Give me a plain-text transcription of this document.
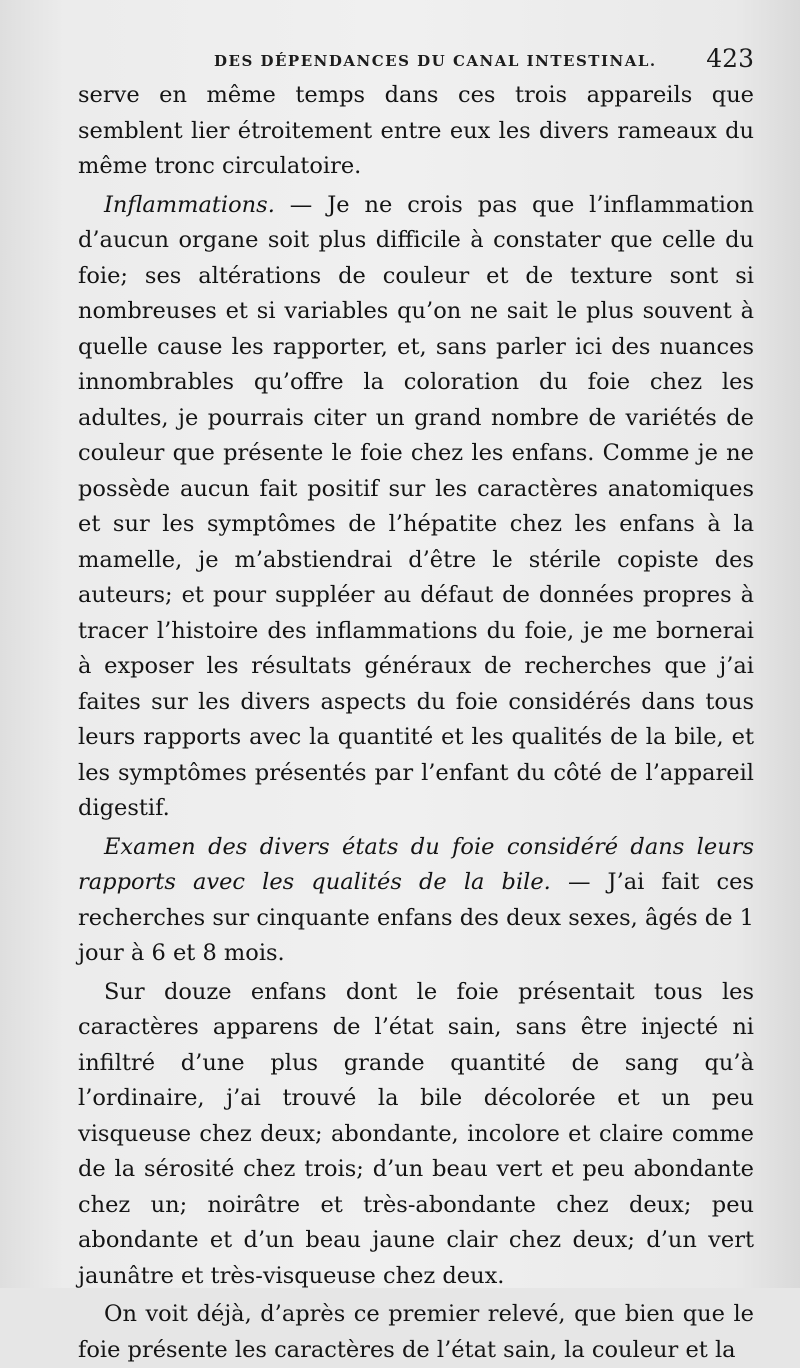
DES DÉPENDANCES DU CANAL INTESTINAL. 423

serve en même temps dans ces trois appareils que semblent lier étroitement entre eux les divers rameaux du même tronc circulatoire.

Inflammations. — Je ne crois pas que l’inflammation d’aucun organe soit plus difficile à constater que celle du foie; ses altérations de couleur et de texture sont si nombreuses et si variables qu’on ne sait le plus souvent à quelle cause les rapporter, et, sans parler ici des nuances innombrables qu’offre la coloration du foie chez les adultes, je pourrais citer un grand nombre de variétés de couleur que présente le foie chez les enfans. Comme je ne possède aucun fait positif sur les caractères anatomiques et sur les symptômes de l’hépatite chez les enfans à la mamelle, je m’abstiendrai d’être le stérile copiste des auteurs; et pour suppléer au défaut de données propres à tracer l’histoire des inflammations du foie, je me bornerai à exposer les résultats généraux de recherches que j’ai faites sur les divers aspects du foie considérés dans tous leurs rapports avec la quantité et les qualités de la bile, et les symptômes présentés par l’enfant du côté de l’appareil digestif.

Examen des divers états du foie considéré dans leurs rapports avec les qualités de la bile. — J’ai fait ces recherches sur cinquante enfans des deux sexes, âgés de 1 jour à 6 et 8 mois.

Sur douze enfans dont le foie présentait tous les caractères apparens de l’état sain, sans être injecté ni infiltré d’une plus grande quantité de sang qu’à l’ordinaire, j’ai trouvé la bile décolorée et un peu visqueuse chez deux; abondante, incolore et claire comme de la sérosité chez trois; d’un beau vert et peu abondante chez un; noirâtre et très-abondante chez deux; peu abondante et d’un beau jaune clair chez deux; d’un vert jaunâtre et très-visqueuse chez deux.

On voit déjà, d’après ce premier relevé, que bien que le foie présente les caractères de l’état sain, la couleur et la
